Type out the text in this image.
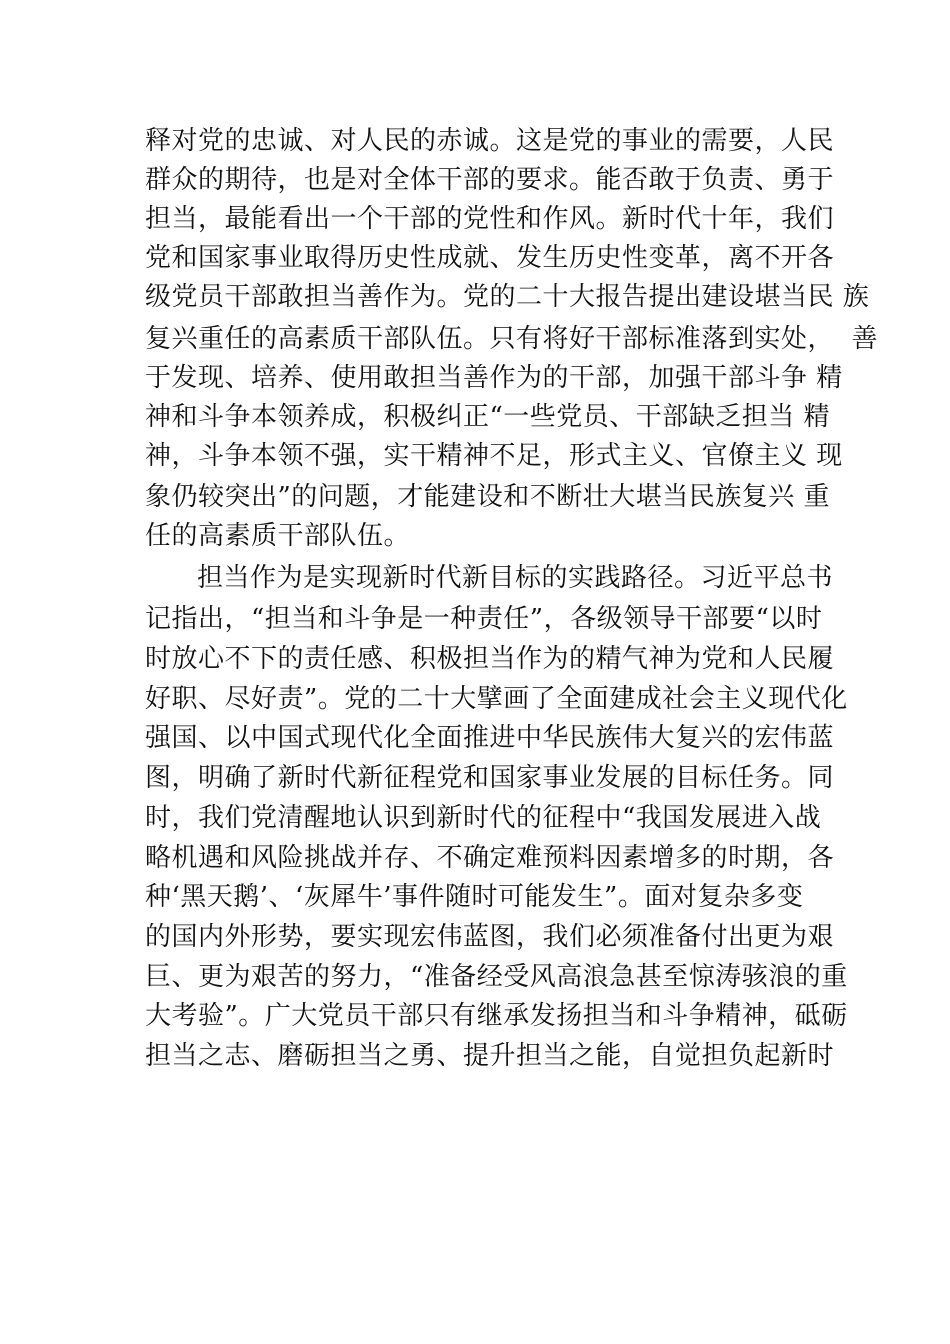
释对党的忠诚、对人民的赤诚。这是党的事业的需要，人民
群众的期待，也是对全体干部的要求。能否敢于负责、勇于
担当，最能看出一个干部的党性和作风。新时代十年，我们
党和国家事业取得历史性成就、发生历史性变革，离不开各
级党员干部敢担当善作为。党的二十大报告提出建设堪当民 族
复兴重任的高素质干部队伍。只有将好干部标准落到实处，  善
于发现、培养、使用敢担当善作为的干部，加强干部斗争 精
神和斗争本领养成，积极纠正“一些党员、干部缺乏担当 精
神，斗争本领不强，实干精神不足，形式主义、官僚主义 现
象仍较突出”的问题，才能建设和不断壮大堪当民族复兴 重
任的高素质干部队伍。
担当作为是实现新时代新目标的实践路径。习近平总书
记指出，“担当和斗争是一种责任”，各级领导干部要“以时
时放心不下的责任感、积极担当作为的精气神为党和人民履
好职、尽好责”。党的二十大擘画了全面建成社会主义现代化
强国、以中国式现代化全面推进中华民族伟大复兴的宏伟蓝
图，明确了新时代新征程党和国家事业发展的目标任务。同
时，我们党清醒地认识到新时代的征程中“我国发展进入战
略机遇和风险挑战并存、不确定难预料因素增多的时期，各
种‘黑天鹅’、‘灰犀牛’事件随时可能发生”。面对复杂多变
的国内外形势，要实现宏伟蓝图，我们必须准备付出更为艰
巨、更为艰苦的努力，“准备经受风高浪急甚至惊涛骇浪的重
大考验”。广大党员干部只有继承发扬担当和斗争精神，砥砺
担当之志、磨砺担当之勇、提升担当之能，自觉担负起新时
